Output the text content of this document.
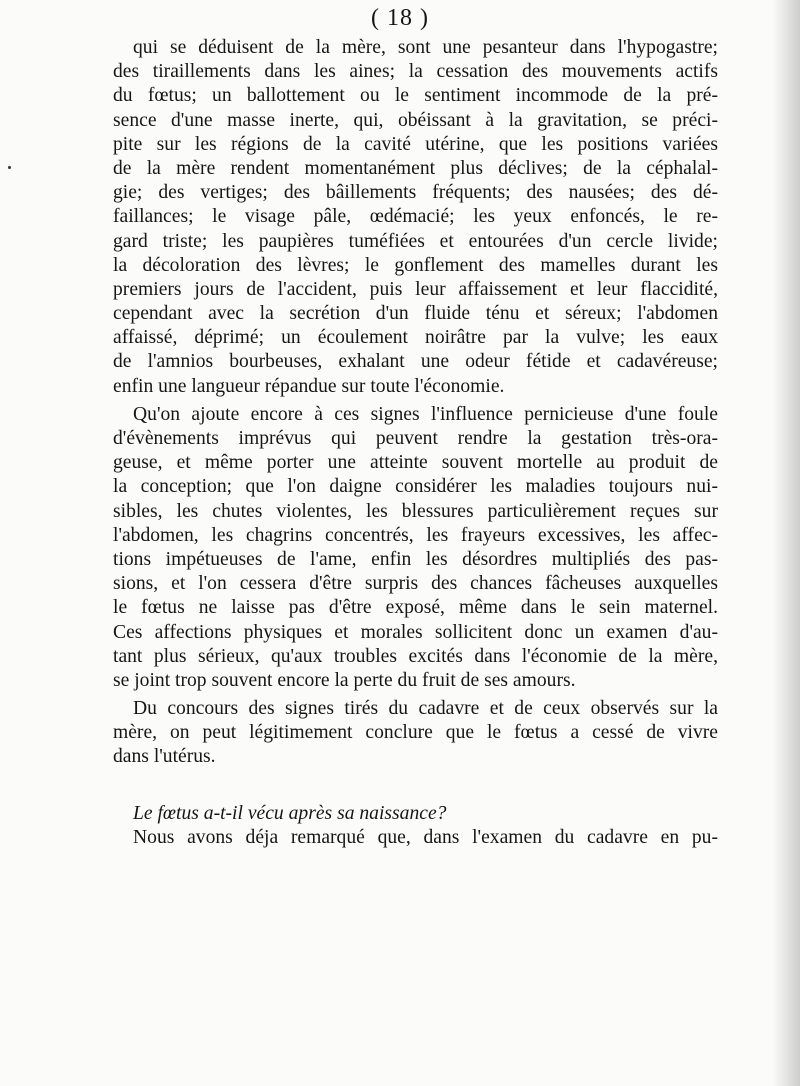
( 18 )
qui se déduisent de la mère, sont une pesanteur dans l'hypogastre;
des tiraillements dans les aines; la cessation des mouvements actifs
du fœtus; un ballottement ou le sentiment incommode de la pré-
sence d'une masse inerte, qui, obéissant à la gravitation, se préci-
pite sur les régions de la cavité utérine, que les positions variées
de la mère rendent momentanément plus déclives; de la céphalal-
gie; des vertiges; des bâillements fréquents; des nausées; des dé-
faillances; le visage pâle, œdémacié; les yeux enfoncés, le re-
gard triste; les paupières tuméfiées et entourées d'un cercle livide;
la décoloration des lèvres; le gonflement des mamelles durant les
premiers jours de l'accident, puis leur affaissement et leur flaccidité,
cependant avec la secrétion d'un fluide ténu et séreux; l'abdomen
affaissé, déprimé; un écoulement noirâtre par la vulve; les eaux
de l'amnios bourbeuses, exhalant une odeur fétide et cadavéreuse;
enfin une langueur répandue sur toute l'économie.
Qu'on ajoute encore à ces signes l'influence pernicieuse d'une foule
d'évènements imprévus qui peuvent rendre la gestation très-ora-
geuse, et même porter une atteinte souvent mortelle au produit de
la conception; que l'on daigne considérer les maladies toujours nui-
sibles, les chutes violentes, les blessures particulièrement reçues sur
l'abdomen, les chagrins concentrés, les frayeurs excessives, les affec-
tions impétueuses de l'ame, enfin les désordres multipliés des pas-
sions, et l'on cessera d'être surpris des chances fâcheuses auxquelles
le fœtus ne laisse pas d'être exposé, même dans le sein maternel.
Ces affections physiques et morales sollicitent donc un examen d'au-
tant plus sérieux, qu'aux troubles excités dans l'économie de la mère,
se joint trop souvent encore la perte du fruit de ses amours.
Du concours des signes tirés du cadavre et de ceux observés sur la
mère, on peut légitimement conclure que le fœtus a cessé de vivre
dans l'utérus.
Le fœtus a-t-il vécu après sa naissance?
Nous avons déja remarqué que, dans l'examen du cadavre en pu-
